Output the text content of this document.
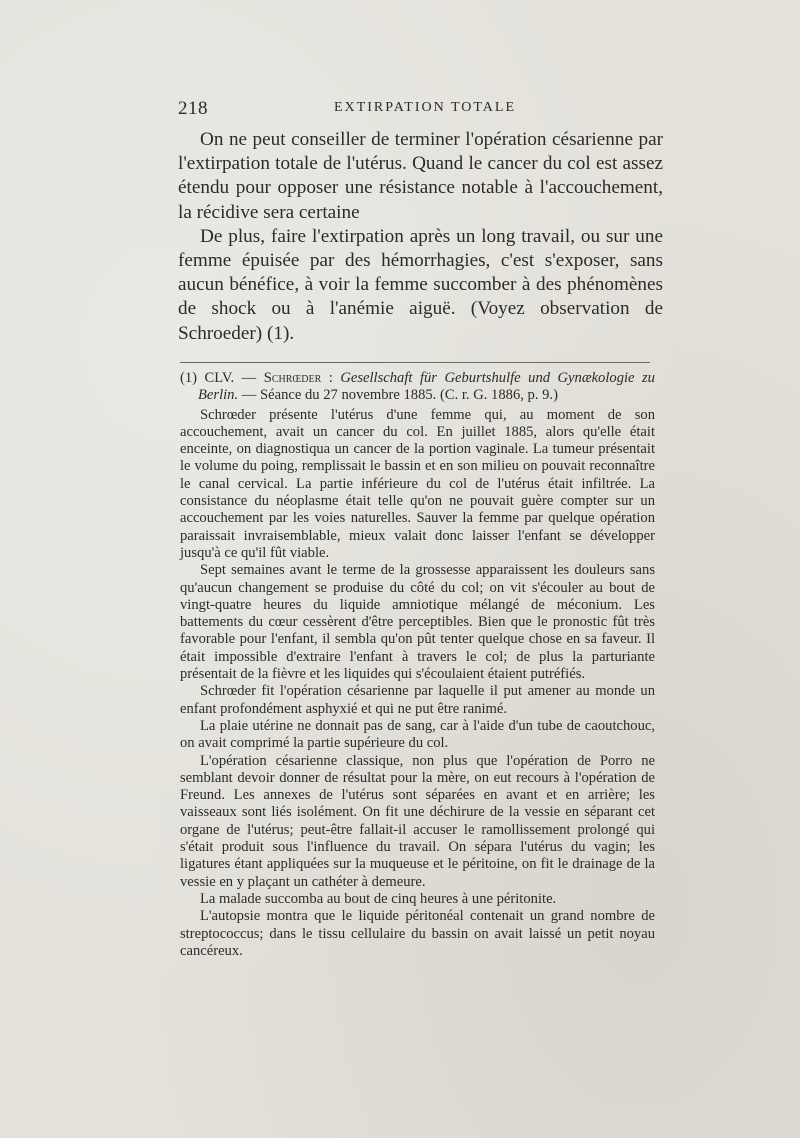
218	EXTIRPATION TOTALE

On ne peut conseiller de terminer l'opération césarienne par l'extirpation totale de l'utérus. Quand le cancer du col est assez étendu pour opposer une résistance notable à l'accouchement, la récidive sera certaine

De plus, faire l'extirpation après un long travail, ou sur une femme épuisée par des hémorrhagies, c'est s'exposer, sans aucun bénéfice, à voir la femme succomber à des phénomènes de shock ou à l'anémie aiguë. (Voyez observation de Schroeder) (1).

(1) CLV. — Schrœder : Gesellschaft für Geburtshulfe und Gynækologie zu Berlin. — Séance du 27 novembre 1885. (C. r. G. 1886, p. 9.)

Schrœder présente l'utérus d'une femme qui, au moment de son accouchement, avait un cancer du col. En juillet 1885, alors qu'elle était enceinte, on diagnostiqua un cancer de la portion vaginale. La tumeur présentait le volume du poing, remplissait le bassin et en son milieu on pouvait reconnaître le canal cervical. La partie inférieure du col de l'utérus était infiltrée. La consistance du néoplasme était telle qu'on ne pouvait guère compter sur un accouchement par les voies naturelles. Sauver la femme par quelque opération paraissait invraisemblable, mieux valait donc laisser l'enfant se développer jusqu'à ce qu'il fût viable.

Sept semaines avant le terme de la grossesse apparaissent les douleurs sans qu'aucun changement se produise du côté du col; on vit s'écouler au bout de vingt-quatre heures du liquide amniotique mélangé de méconium. Les battements du cœur cessèrent d'être perceptibles. Bien que le pronostic fût très favorable pour l'enfant, il sembla qu'on pût tenter quelque chose en sa faveur. Il était impossible d'extraire l'enfant à travers le col; de plus la parturiante présentait de la fièvre et les liquides qui s'écoulaient étaient putréfiés.

Schrœder fit l'opération césarienne par laquelle il put amener au monde un enfant profondément asphyxié et qui ne put être ranimé.

La plaie utérine ne donnait pas de sang, car à l'aide d'un tube de caoutchouc, on avait comprimé la partie supérieure du col.

L'opération césarienne classique, non plus que l'opération de Porro ne semblant devoir donner de résultat pour la mère, on eut recours à l'opération de Freund. Les annexes de l'utérus sont séparées en avant et en arrière; les vaisseaux sont liés isolément. On fit une déchirure de la vessie en séparant cet organe de l'utérus; peut-être fallait-il accuser le ramollissement prolongé qui s'était produit sous l'influence du travail. On sépara l'utérus du vagin; les ligatures étant appliquées sur la muqueuse et le péritoine, on fit le drainage de la vessie en y plaçant un cathéter à demeure.

La malade succomba au bout de cinq heures à une péritonite.

L'autopsie montra que le liquide péritonéal contenait un grand nombre de streptococcus; dans le tissu cellulaire du bassin on avait laissé un petit noyau cancéreux.
